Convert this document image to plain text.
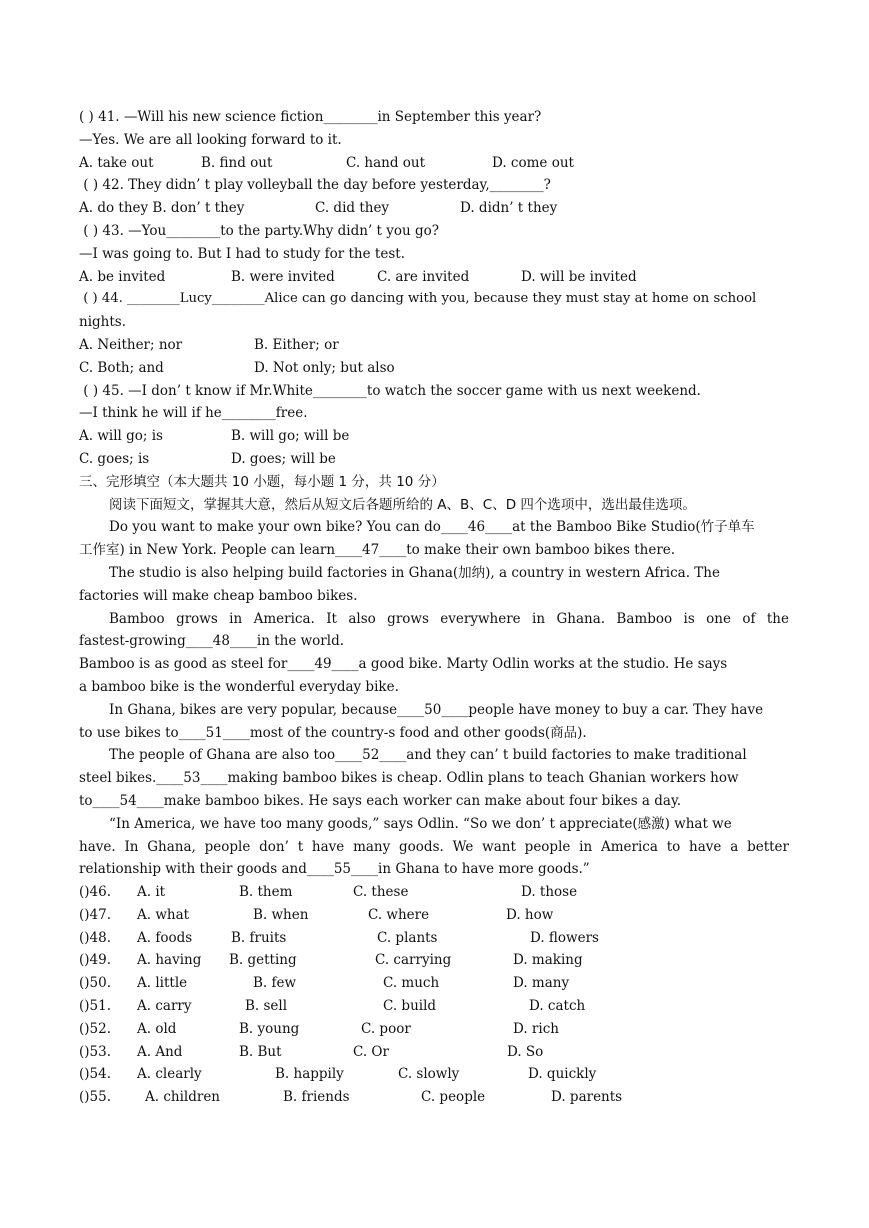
( ) 41. —Will his new science fiction________in September this year?
—Yes. We are all looking forward to it.
A. take out	B. find out	C. hand out	D. come out
( ) 42. They didn’ t play volleyball the day before yesterday,________?
A. do they B. don’ t they	C. did they	D. didn’ t they
( ) 43. —You________to the party.Why didn’ t you go?
—I was going to. But I had to study for the test.
A. be invited	B. were invited	C. are invited	D. will be invited
( ) 44. ________Lucy________Alice can go dancing with you, because they must stay at home on school
nights.
A. Neither; nor	B. Either; or
C. Both; and	D. Not only; but also
( ) 45. —I don’ t know if Mr.White________to watch the soccer game with us next weekend.
—I think he will if he________free.
A. will go; is	B. will go; will be
C. goes; is	D. goes; will be
三、完形填空（本大题共 10 小题，每小题 1 分，共 10 分）
阅读下面短文，掌握其大意，然后从短文后各题所给的 A、B、C、D 四个选项中，选出最佳选项。
Do you want to make your own bike? You can do____46____at the Bamboo Bike Studio(竹子单车
工作室) in New York. People can learn____47____to make their own bamboo bikes there.
The studio is also helping build factories in Ghana(加纳), a country in western Africa. The
factories will make cheap bamboo bikes.
Bamboo grows in America. It also grows everywhere in Ghana. Bamboo is one of the
fastest-growing____48____in the world.
Bamboo is as good as steel for____49____a good bike. Marty Odlin works at the studio. He says
a bamboo bike is the wonderful everyday bike.
In Ghana, bikes are very popular, because____50____people have money to buy a car. They have
to use bikes to____51____most of the country-s food and other goods(商品).
The people of Ghana are also too____52____and they can’ t build factories to make traditional
steel bikes.____53____making bamboo bikes is cheap. Odlin plans to teach Ghanian workers how
to____54____make bamboo bikes. He says each worker can make about four bikes a day.
“In America, we have too many goods,” says Odlin. “So we don’ t appreciate(感激) what we
have. In Ghana, people don’ t have many goods. We want people in America to have a better
relationship with their goods and____55____in Ghana to have more goods.”
()46.	A. it	B. them	C. these	D. those
()47.	A. what	B. when	C. where	D. how
()48.	A. foods	B. fruits	C. plants	D. flowers
()49.	A. having	B. getting	C. carrying	D. making
()50.	A. little	B. few	C. much	D. many
()51.	A. carry	B. sell	C. build	D. catch
()52.	A. old	B. young	C. poor	D. rich
()53.	A. And	B. But	C. Or	D. So
()54.	A. clearly	B. happily	C. slowly	D. quickly
()55.	A. children	B. friends	C. people	D. parents
